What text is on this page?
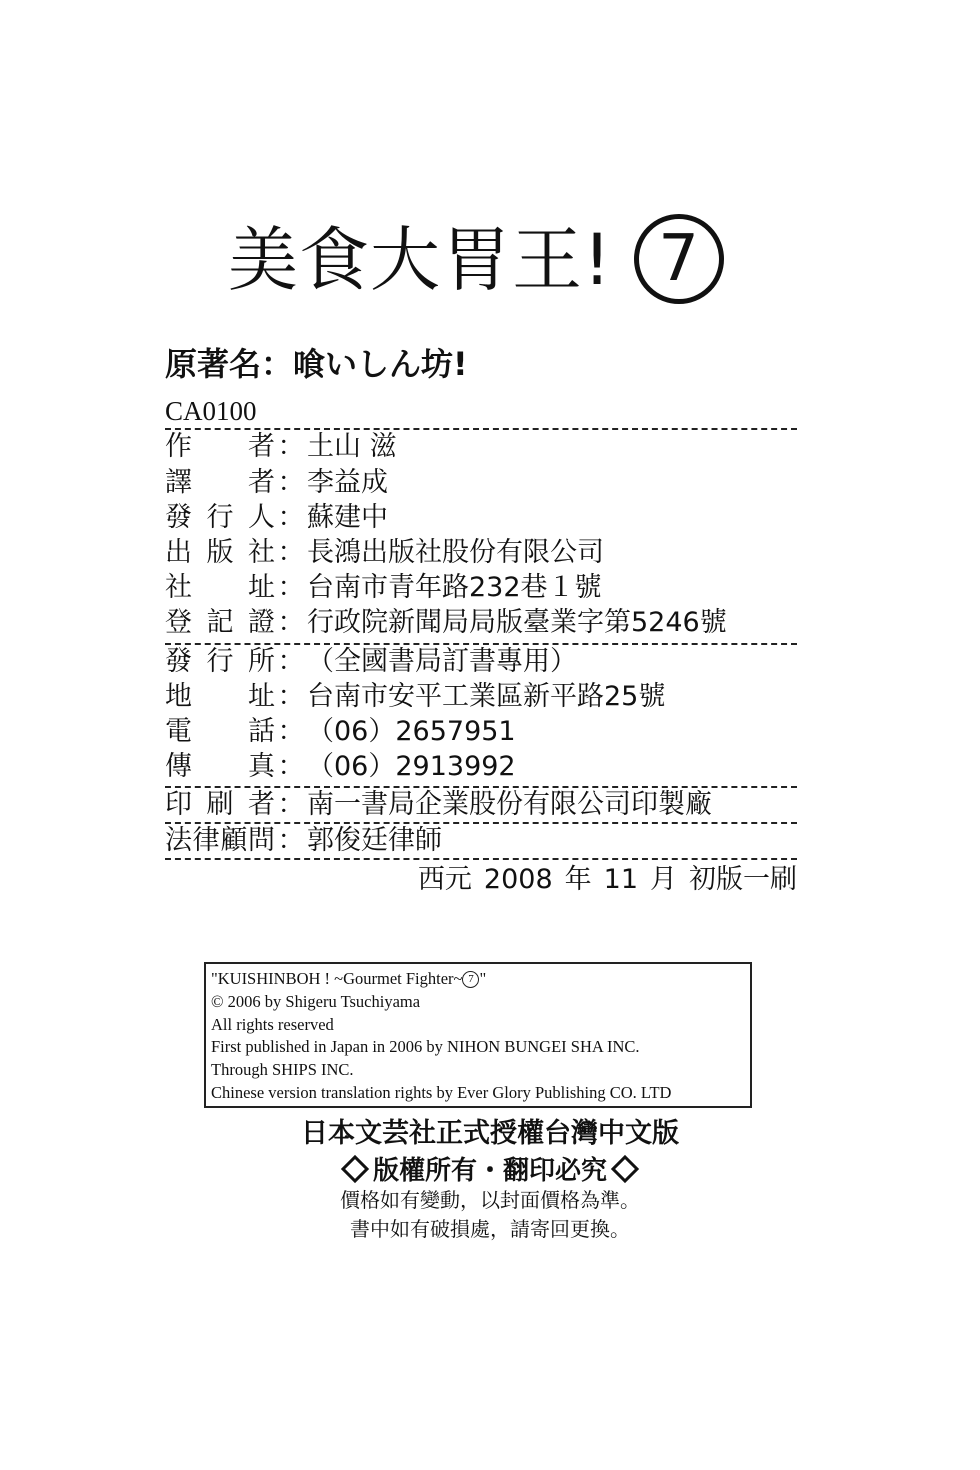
美食大胃王! 7
原著名：喰いしん坊!
CA0100
作者：土山 滋
譯者：李益成
發行人：蘇建中
出版社：長鴻出版社股份有限公司
社址：台南市青年路232巷１號
登記證：行政院新聞局局版臺業字第5246號
發行所：（全國書局訂書專用）
地址：台南市安平工業區新平路25號
電話：（06）2657951
傳真：（06）2913992
印刷者：南一書局企業股份有限公司印製廠
法律顧問：郭俊廷律師
西元 2008 年 11 月 初版一刷
"KUISHINBOH ! ~Gourmet Fighter~ 7 "
© 2006 by Shigeru Tsuchiyama
All rights reserved
First published in Japan in 2006 by NIHON BUNGEI SHA INC.
Through SHIPS INC.
Chinese version translation rights by Ever Glory Publishing CO. LTD
日本文芸社正式授權台灣中文版
版權所有・翻印必究
價格如有變動，以封面價格為準。
書中如有破損處，請寄回更換。
